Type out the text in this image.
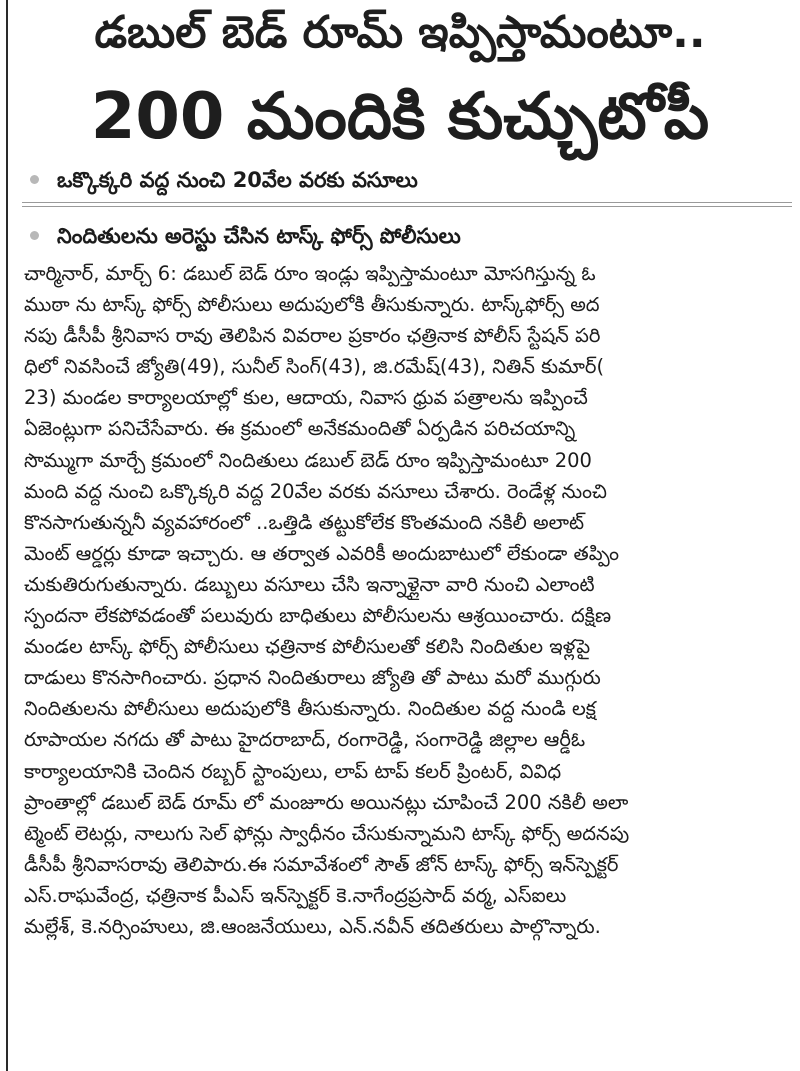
డబుల్ బెడ్ రూమ్ ఇప్పిస్తామంటూ..
200 మందికి కుచ్చుటోపీ
ఒక్కొక్కరి వద్ద నుంచి 20వేల వరకు వసూలు
నిందితులను అరెస్టు చేసిన టాస్క్ ఫోర్స్ పోలీసులు
చార్మినార్, మార్చ్ 6: డబుల్ బెడ్ రూం ఇండ్లు ఇప్పిస్తామంటూ మోసగిస్తున్న ఓ
ముఠా ను టాస్క్ ఫోర్స్ పోలీసులు అదుపులోకి తీసుకున్నారు. టాస్క్‌ఫోర్స్ అద
నపు డీసీపీ శ్రీనివాస రావు తెలిపిన వివరాల ప్రకారం ఛత్రినాక పోలీస్ స్టేషన్ పరి
ధిలో నివసించే జ్యోతి(49), సునీల్ సింగ్(43), జి.రమేష్(43), నితిన్ కుమార్(
23) మండల కార్యాలయాల్లో కుల, ఆదాయ, నివాస ధ్రువ పత్రాలను ఇప్పించే
ఏజెంట్లుగా పనిచేసేవారు. ఈ క్రమంలో అనేకమందితో ఏర్పడిన పరిచయాన్ని
సొమ్ముగా మార్చే క్రమంలో నిందితులు డబుల్ బెడ్ రూం ఇప్పిస్తామంటూ 200
మంది వద్ద నుంచి ఒక్కొక్కరి వద్ద 20వేల వరకు వసూలు చేశారు. రెండేళ్ల నుంచి
కొనసాగుతున్ననీ వ్యవహారంలో ..ఒత్తిడి తట్టుకోలేక కొంతమంది నకిలీ అలాట్
మెంట్ ఆర్డర్లు కూడా ఇచ్చారు. ఆ తర్వాత ఎవరికీ అందుబాటులో లేకుండా తప్పిం
చుకుతిరుగుతున్నారు. డబ్బులు వసూలు చేసి ఇన్నాళ్లైనా వారి నుంచి ఎలాంటి
స్పందనా లేకపోవడంతో పలువురు బాధితులు పోలీసులను ఆశ్రయించారు. దక్షిణ
మండల టాస్క్ ఫోర్స్ పోలీసులు ఛత్రినాక పోలీసులతో కలిసి నిందితుల ఇళ్లపై
దాడులు కొనసాగించారు. ప్రధాన నిందితురాలు జ్యోతి తో పాటు మరో ముగ్గురు
నిందితులను పోలీసులు అదుపులోకి తీసుకున్నారు. నిందితుల వద్ద నుండి లక్ష
రూపాయల నగదు తో పాటు హైదరాబాద్, రంగారెడ్డి, సంగారెడ్డి జిల్లాల ఆర్డీఓ
కార్యాలయానికి చెందిన రబ్బర్ స్టాంపులు, లాప్ టాప్ కలర్ ప్రింటర్, వివిధ
ప్రాంతాల్లో డబుల్ బెడ్ రూమ్ లో మంజూరు అయినట్లు చూపించే 200 నకిలీ అలా
ట్మెంట్ లెటర్లు, నాలుగు సెల్ ఫోన్లు స్వాధీనం చేసుకున్నామని టాస్క్ ఫోర్స్ అదనపు
డీసీపీ శ్రీనివాసరావు తెలిపారు.ఈ సమావేశంలో సౌత్ జోన్ టాస్క్ ఫోర్స్ ఇన్‌స్పెక్టర్
ఎస్.రాఘవేంద్ర, ఛత్రినాక పీఎస్ ఇన్‌స్పెక్టర్ కె.నాగేంద్రప్రసాద్ వర్మ, ఎస్ఐలు
మల్లేశ్, కె.నర్సింహులు, జి.ఆంజనేయులు, ఎన్.నవీన్ తదితరులు పాల్గొన్నారు.
